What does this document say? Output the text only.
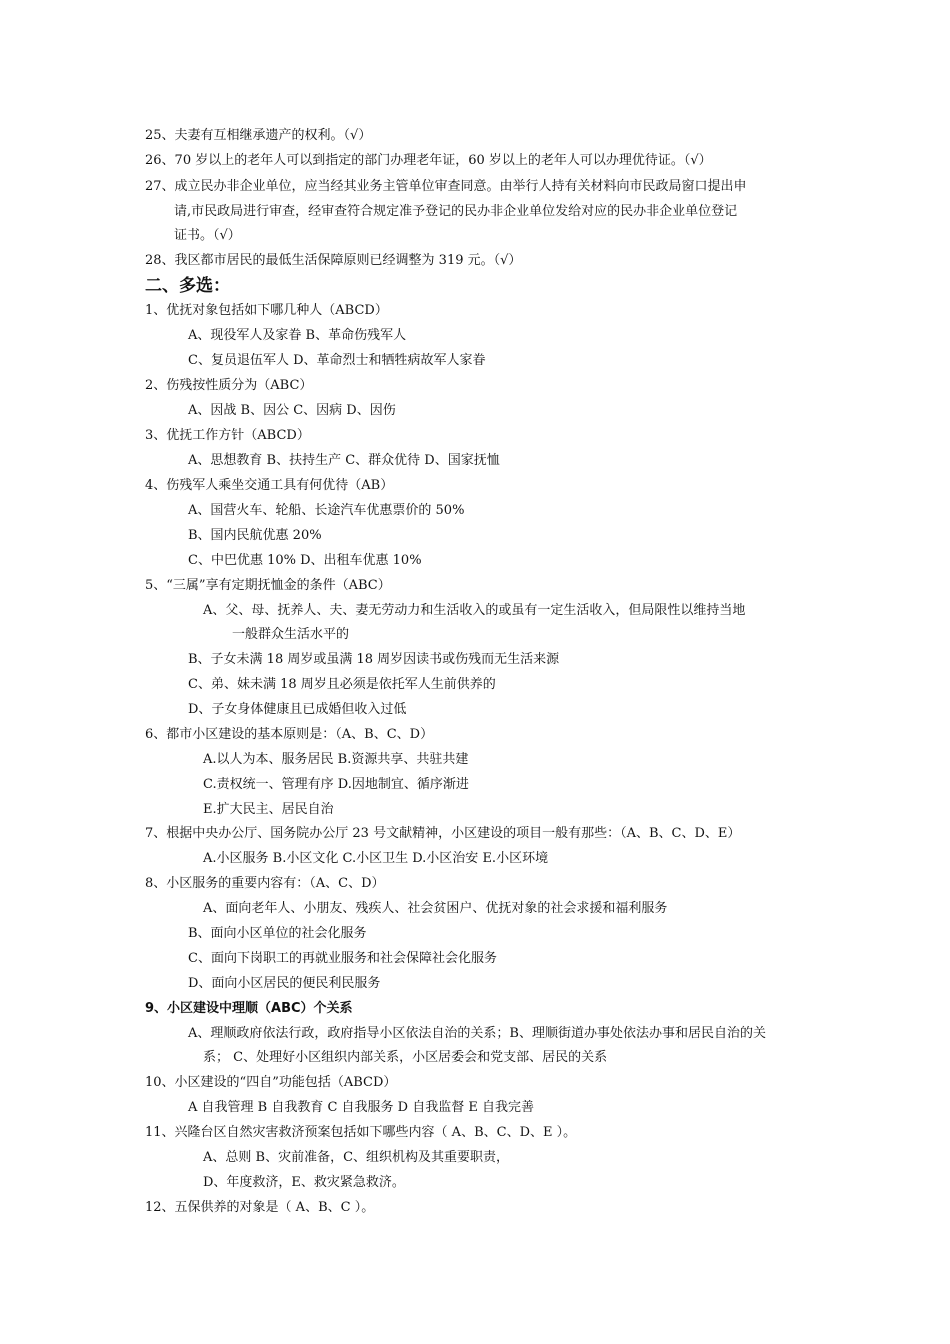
25、夫妻有互相继承遗产的权利。（√）
26、70 岁以上的老年人可以到指定的部门办理老年证，60 岁以上的老年人可以办理优待证。（√）
27、成立民办非企业单位，应当经其业务主管单位审查同意。由举行人持有关材料向市民政局窗口提出申
请,市民政局进行审查，经审查符合规定准予登记的民办非企业单位发给对应的民办非企业单位登记
证书。（√）
28、我区都市居民的最低生活保障原则已经调整为 319 元。（√）
二、多选：
1、优抚对象包括如下哪几种人（ABCD）
A、现役军人及家眷 B、革命伤残军人
C、复员退伍军人 D、革命烈士和牺牲病故军人家眷
2、伤残按性质分为（ABC）
A、因战 B、因公 C、因病 D、因伤
3、优抚工作方针（ABCD）
A、思想教育 B、扶持生产 C、群众优待 D、国家抚恤
4、伤残军人乘坐交通工具有何优待（AB）
A、国营火车、轮船、长途汽车优惠票价的 50%
B、国内民航优惠 20%
C、中巴优惠 10% D、出租车优惠 10%
5、“三属”享有定期抚恤金的条件（ABC）
A、父、母、抚养人、夫、妻无劳动力和生活收入的或虽有一定生活收入，但局限性以维持当地
一般群众生活水平的
B、子女未满 18 周岁或虽满 18 周岁因读书或伤残而无生活来源
C、弟、妹未满 18 周岁且必须是依托军人生前供养的
D、子女身体健康且已成婚但收入过低
6、都市小区建设的基本原则是：（A、B、C、D）
A.以人为本、服务居民 B.资源共享、共驻共建
C.责权统一、管理有序 D.因地制宜、循序渐进
E.扩大民主、居民自治
7、根据中央办公厅、国务院办公厅 23 号文献精神，小区建设的项目一般有那些：（A、B、C、D、E）
A.小区服务 B.小区文化 C.小区卫生 D.小区治安 E.小区环境
8、小区服务的重要内容有：（A、C、D）
A、面向老年人、小朋友、残疾人、社会贫困户、优抚对象的社会求援和福利服务
B、面向小区单位的社会化服务
C、面向下岗职工的再就业服务和社会保障社会化服务
D、面向小区居民的便民利民服务
9、小区建设中理顺（ABC）个关系
A、理顺政府依法行政，政府指导小区依法自治的关系；B、理顺街道办事处依法办事和居民自治的关
系； C、处理好小区组织内部关系，小区居委会和党支部、居民的关系
10、小区建设的“四自”功能包括（ABCD）
A 自我管理 B 自我教育 C 自我服务 D 自我监督 E 自我完善
11、兴隆台区自然灾害救济预案包括如下哪些内容（ A、B、C、D、E ）。
A、总则 B、灾前准备，C、组织机构及其重要职责，
D、年度救济，E、救灾紧急救济。
12、五保供养的对象是（ A、B、C ）。
